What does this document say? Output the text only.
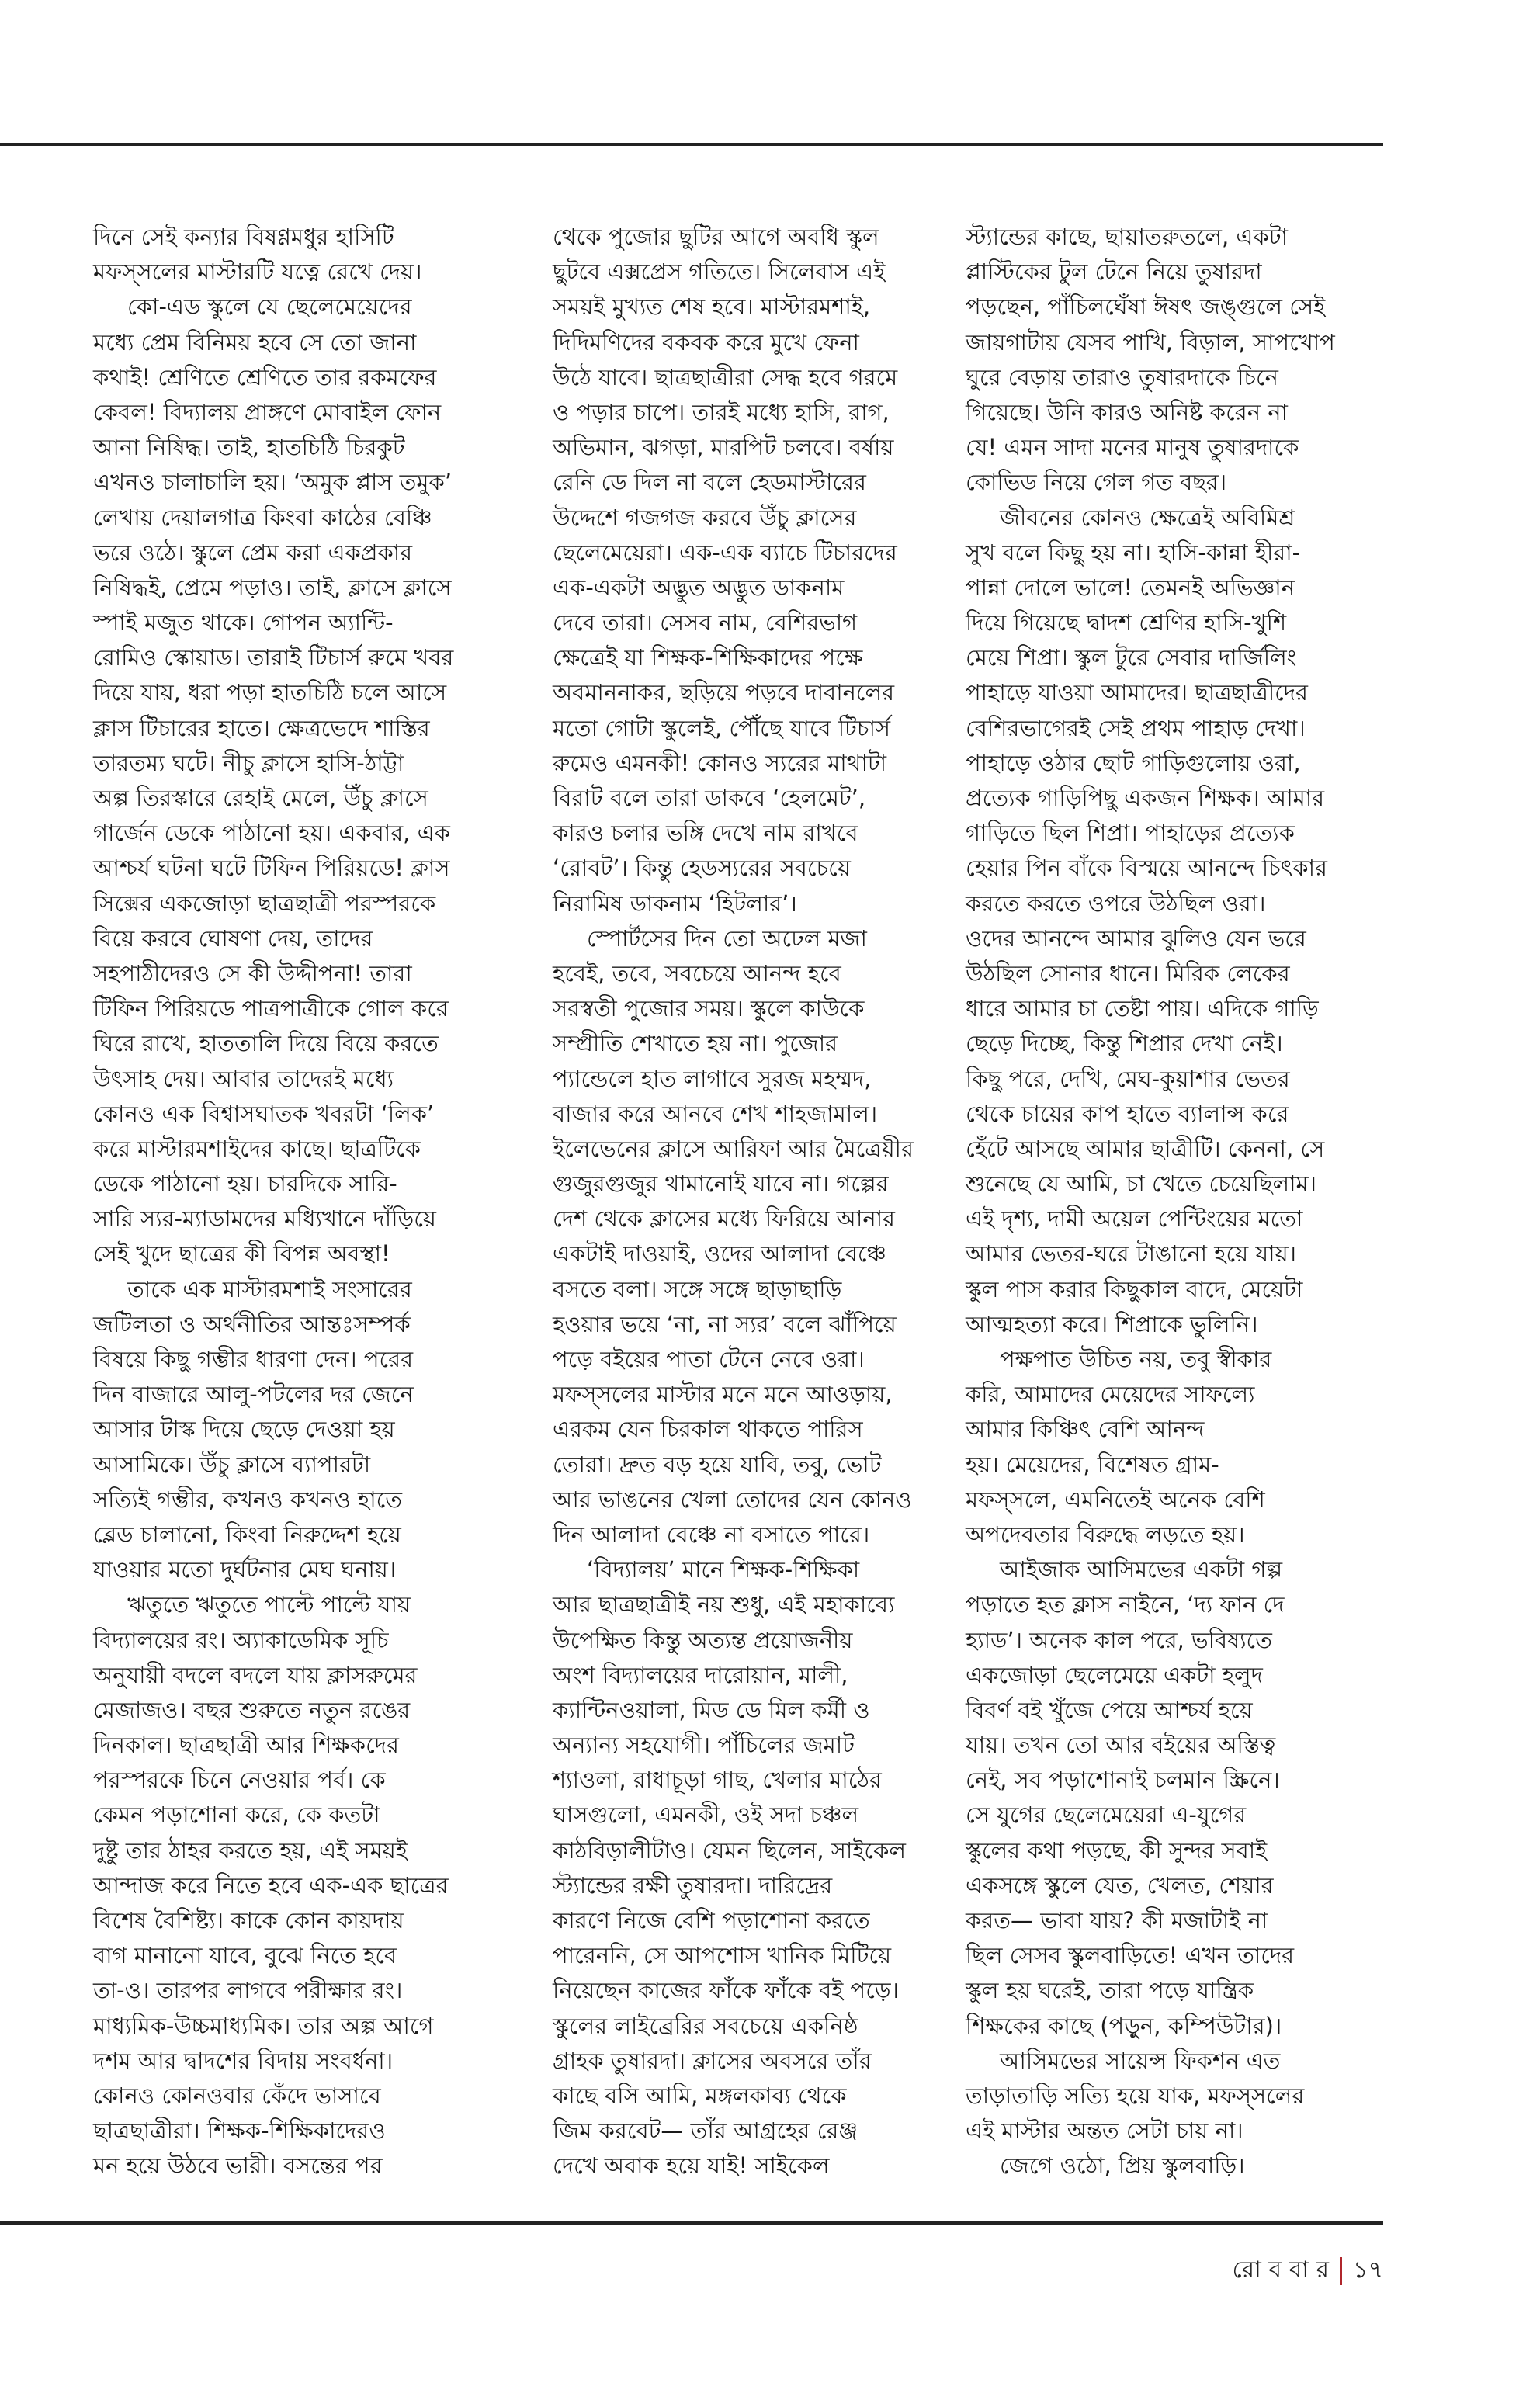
দিনে সেই কন্যার বিষণ্ণমধুর হাসিটি
মফস্‌সলের মাস্টারটি যত্নে রেখে দেয়।
কো-এড স্কুলে যে ছেলেমেয়েদের
মধ্যে প্রেম বিনিময় হবে সে তো জানা
কথাই! শ্রেণিতে শ্রেণিতে তার রকমফের
কেবল! বিদ্যালয় প্রাঙ্গণে মোবাইল ফোন
আনা নিষিদ্ধ। তাই, হাতচিঠি চিরকুট
এখনও চালাচালি হয়। ‘অমুক প্লাস তমুক’
লেখায় দেয়ালগাত্র কিংবা কাঠের বেঞ্চি
ভরে ওঠে। স্কুলে প্রেম করা একপ্রকার
নিষিদ্ধই, প্রেমে পড়াও। তাই, ক্লাসে ক্লাসে
স্পাই মজুত থাকে। গোপন অ্যান্টি-
রোমিও স্কোয়াড। তারাই টিচার্স রুমে খবর
দিয়ে যায়, ধরা পড়া হাতচিঠি চলে আসে
ক্লাস টিচারের হাতে। ক্ষেত্রভেদে শাস্তির
তারতম্য ঘটে। নীচু ক্লাসে হাসি-ঠাট্টা
অল্প তিরস্কারে রেহাই মেলে, উঁচু ক্লাসে
গার্জেন ডেকে পাঠানো হয়। একবার, এক
আশ্চর্য ঘটনা ঘটে টিফিন পিরিয়ডে! ক্লাস
সিক্সের একজোড়া ছাত্রছাত্রী পরস্পরকে
বিয়ে করবে ঘোষণা দেয়, তাদের
সহপাঠীদেরও সে কী উদ্দীপনা! তারা
টিফিন পিরিয়ডে পাত্রপাত্রীকে গোল করে
ঘিরে রাখে, হাততালি দিয়ে বিয়ে করতে
উৎসাহ দেয়। আবার তাদেরই মধ্যে
কোনও এক বিশ্বাসঘাতক খবরটা ‘লিক’
করে মাস্টারমশাইদের কাছে। ছাত্রটিকে
ডেকে পাঠানো হয়। চারদিকে সারি-
সারি স্যর-ম্যাডামদের মধ্যিখানে দাঁড়িয়ে
সেই খুদে ছাত্রের কী বিপন্ন অবস্থা!
তাকে এক মাস্টারমশাই সংসারের
জটিলতা ও অর্থনীতির আন্তঃসম্পর্ক
বিষয়ে কিছু গম্ভীর ধারণা দেন। পরের
দিন বাজারে আলু-পটলের দর জেনে
আসার টাস্ক দিয়ে ছেড়ে দেওয়া হয়
আসামিকে। উঁচু ক্লাসে ব্যাপারটা
সত্যিই গম্ভীর, কখনও কখনও হাতে
ব্লেড চালানো, কিংবা নিরুদ্দেশ হয়ে
যাওয়ার মতো দুর্ঘটনার মেঘ ঘনায়।
ঋতুতে ঋতুতে পাল্টে পাল্টে যায়
বিদ্যালয়ের রং। অ্যাকাডেমিক সূচি
অনুযায়ী বদলে বদলে যায় ক্লাসরুমের
মেজাজও। বছর শুরুতে নতুন রঙের
দিনকাল। ছাত্রছাত্রী আর শিক্ষকদের
পরস্পরকে চিনে নেওয়ার পর্ব। কে
কেমন পড়াশোনা করে, কে কতটা
দুষ্টু তার ঠাহর করতে হয়, এই সময়ই
আন্দাজ করে নিতে হবে এক-এক ছাত্রের
বিশেষ বৈশিষ্ট্য। কাকে কোন কায়দায়
বাগ মানানো যাবে, বুঝে নিতে হবে
তা-ও। তারপর লাগবে পরীক্ষার রং।
মাধ্যমিক-উচ্চমাধ্যমিক। তার অল্প আগে
দশম আর দ্বাদশের বিদায় সংবর্ধনা।
কোনও কোনওবার কেঁদে ভাসাবে
ছাত্রছাত্রীরা। শিক্ষক-শিক্ষিকাদেরও
মন হয়ে উঠবে ভারী। বসন্তের পর
থেকে পুজোর ছুটির আগে অবধি স্কুল
ছুটবে এক্সপ্রেস গতিতে। সিলেবাস এই
সময়ই মুখ্যত শেষ হবে। মাস্টারমশাই,
দিদিমণিদের বকবক করে মুখে ফেনা
উঠে যাবে। ছাত্রছাত্রীরা সেদ্ধ হবে গরমে
ও পড়ার চাপে। তারই মধ্যে হাসি, রাগ,
অভিমান, ঝগড়া, মারপিট চলবে। বর্ষায়
রেনি ডে দিল না বলে হেডমাস্টারের
উদ্দেশে গজগজ করবে উঁচু ক্লাসের
ছেলেমেয়েরা। এক-এক ব্যাচে টিচারদের
এক-একটা অদ্ভুত অদ্ভুত ডাকনাম
দেবে তারা। সেসব নাম, বেশিরভাগ
ক্ষেত্রেই যা শিক্ষক-শিক্ষিকাদের পক্ষে
অবমাননাকর, ছড়িয়ে পড়বে দাবানলের
মতো গোটা স্কুলেই, পৌঁছে যাবে টিচার্স
রুমেও এমনকী! কোনও স্যরের মাথাটা
বিরাট বলে তারা ডাকবে ‘হেলমেট’,
কারও চলার ভঙ্গি দেখে নাম রাখবে
‘রোবট’। কিন্তু হেডস্যরের সবচেয়ে
নিরামিষ ডাকনাম ‘হিটলার’।
স্পোর্টসের দিন তো অঢেল মজা
হবেই, তবে, সবচেয়ে আনন্দ হবে
সরস্বতী পুজোর সময়। স্কুলে কাউকে
সম্প্রীতি শেখাতে হয় না। পুজোর
প্যান্ডেলে হাত লাগাবে সুরজ মহম্মদ,
বাজার করে আনবে শেখ শাহজামাল।
ইলেভেনের ক্লাসে আরিফা আর মৈত্রেয়ীর
গুজুরগুজুর থামানোই যাবে না। গল্পের
দেশ থেকে ক্লাসের মধ্যে ফিরিয়ে আনার
একটাই দাওয়াই, ওদের আলাদা বেঞ্চে
বসতে বলা। সঙ্গে সঙ্গে ছাড়াছাড়ি
হওয়ার ভয়ে ‘না, না স্যর’ বলে ঝাঁপিয়ে
পড়ে বইয়ের পাতা টেনে নেবে ওরা।
মফস্‌সলের মাস্টার মনে মনে আওড়ায়,
এরকম যেন চিরকাল থাকতে পারিস
তোরা। দ্রুত বড় হয়ে যাবি, তবু, ভোট
আর ভাঙনের খেলা তোদের যেন কোনও
দিন আলাদা বেঞ্চে না বসাতে পারে।
‘বিদ্যালয়’ মানে শিক্ষক-শিক্ষিকা
আর ছাত্রছাত্রীই নয় শুধু, এই মহাকাব্যে
উপেক্ষিত কিন্তু অত্যন্ত প্রয়োজনীয়
অংশ বিদ্যালয়ের দারোয়ান, মালী,
ক্যান্টিনওয়ালা, মিড ডে মিল কর্মী ও
অন্যান্য সহযোগী। পাঁচিলের জমাট
শ্যাওলা, রাধাচূড়া গাছ, খেলার মাঠের
ঘাসগুলো, এমনকী, ওই সদা চঞ্চল
কাঠবিড়ালীটাও। যেমন ছিলেন, সাইকেল
স্ট্যান্ডের রক্ষী তুষারদা। দারিদ্রের
কারণে নিজে বেশি পড়াশোনা করতে
পারেননি, সে আপশোস খানিক মিটিয়ে
নিয়েছেন কাজের ফাঁকে ফাঁকে বই পড়ে।
স্কুলের লাইব্রেরির সবচেয়ে একনিষ্ঠ
গ্রাহক তুষারদা। ক্লাসের অবসরে তাঁর
কাছে বসি আমি, মঙ্গলকাব্য থেকে
জিম করবেট— তাঁর আগ্রহের রেঞ্জ
দেখে অবাক হয়ে যাই! সাইকেল
স্ট্যান্ডের কাছে, ছায়াতরুতলে, একটা
প্লাস্টিকের টুল টেনে নিয়ে তুষারদা
পড়ছেন, পাঁচিলঘেঁষা ঈষৎ জঙ্গুলে সেই
জায়গাটায় যেসব পাখি, বিড়াল, সাপখোপ
ঘুরে বেড়ায় তারাও তুষারদাকে চিনে
গিয়েছে। উনি কারও অনিষ্ট করেন না
যে! এমন সাদা মনের মানুষ তুষারদাকে
কোভিড নিয়ে গেল গত বছর।
জীবনের কোনও ক্ষেত্রেই অবিমিশ্র
সুখ বলে কিছু হয় না। হাসি-কান্না হীরা-
পান্না দোলে ভালে! তেমনই অভিজ্ঞান
দিয়ে গিয়েছে দ্বাদশ শ্রেণির হাসি-খুশি
মেয়ে শিপ্রা। স্কুল টুরে সেবার দার্জিলিং
পাহাড়ে যাওয়া আমাদের। ছাত্রছাত্রীদের
বেশিরভাগেরই সেই প্রথম পাহাড় দেখা।
পাহাড়ে ওঠার ছোট গাড়িগুলোয় ওরা,
প্রত্যেক গাড়িপিছু একজন শিক্ষক। আমার
গাড়িতে ছিল শিপ্রা। পাহাড়ের প্রত্যেক
হেয়ার পিন বাঁকে বিস্ময়ে আনন্দে চিৎকার
করতে করতে ওপরে উঠছিল ওরা।
ওদের আনন্দে আমার ঝুলিও যেন ভরে
উঠছিল সোনার ধানে। মিরিক লেকের
ধারে আমার চা তেষ্টা পায়। এদিকে গাড়ি
ছেড়ে দিচ্ছে, কিন্তু শিপ্রার দেখা নেই।
কিছু পরে, দেখি, মেঘ-কুয়াশার ভেতর
থেকে চায়ের কাপ হাতে ব্যালান্স করে
হেঁটে আসছে আমার ছাত্রীটি। কেননা, সে
শুনেছে যে আমি, চা খেতে চেয়েছিলাম।
এই দৃশ্য, দামী অয়েল পেন্টিংয়ের মতো
আমার ভেতর-ঘরে টাঙানো হয়ে যায়।
স্কুল পাস করার কিছুকাল বাদে, মেয়েটা
আত্মহত্যা করে। শিপ্রাকে ভুলিনি।
পক্ষপাত উচিত নয়, তবু স্বীকার
করি, আমাদের মেয়েদের সাফল্যে
আমার কিঞ্চিৎ বেশি আনন্দ
হয়। মেয়েদের, বিশেষত গ্রাম-
মফস্‌সলে, এমনিতেই অনেক বেশি
অপদেবতার বিরুদ্ধে লড়তে হয়।
আইজাক আসিমভের একটা গল্প
পড়াতে হত ক্লাস নাইনে, ‘দ্য ফান দে
হ্যাড’। অনেক কাল পরে, ভবিষ্যতে
একজোড়া ছেলেমেয়ে একটা হলুদ
বিবর্ণ বই খুঁজে পেয়ে আশ্চর্য হয়ে
যায়। তখন তো আর বইয়ের অস্তিত্ব
নেই, সব পড়াশোনাই চলমান স্ক্রিনে।
সে যুগের ছেলেমেয়েরা এ-যুগের
স্কুলের কথা পড়ছে, কী সুন্দর সবাই
একসঙ্গে স্কুলে যেত, খেলত, শেয়ার
করত— ভাবা যায়? কী মজাটাই না
ছিল সেসব স্কুলবাড়িতে! এখন তাদের
স্কুল হয় ঘরেই, তারা পড়ে যান্ত্রিক
শিক্ষকের কাছে (পড়ুন, কম্পিউটার)।
আসিমভের সায়েন্স ফিকশন এত
তাড়াতাড়ি সত্যি হয়ে যাক, মফস্‌সলের
এই মাস্টার অন্তত সেটা চায় না।
জেগে ওঠো, প্রিয় স্কুলবাড়ি।
রো ব বা র ১৭
